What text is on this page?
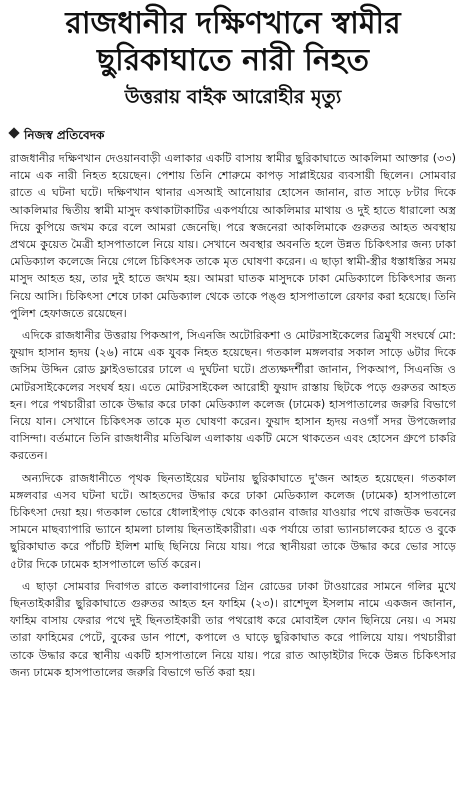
রাজধানীর দক্ষিণখানে স্বামীর
ছুরিকাঘাতে নারী নিহত
উত্তরায় বাইক আরোহীর মৃত্যু
নিজস্ব প্রতিবেদক

রাজধানীর দক্ষিণখান দেওয়ানবাড়ী এলাকার একটি বাসায় স্বামীর ছুরিকাঘাতে আকলিমা আক্তার (৩৩) নামে এক নারী নিহত হয়েছেন। পেশায় তিনি শোরুমে কাপড় সাপ্লাইয়ের ব্যবসায়ী ছিলেন। সোমবার রাতে এ ঘটনা ঘটে। দক্ষিণখান থানার এসআই আনোয়ার হোসেন জানান, রাত সাড়ে ৮টার দিকে আকলিমার দ্বিতীয় স্বামী মাসুদ কথাকাটাকাটির একপর্যায়ে আকলিমার মাথায় ও দুই হাতে ধারালো অস্ত্র দিয়ে কুপিয়ে জখম করে বলে আমরা জেনেছি। পরে স্বজনেরা আকলিমাকে গুরুতর আহত অবস্থায় প্রথমে কুয়েত মৈত্রী হাসপাতালে নিয়ে যায়। সেখানে অবস্থার অবনতি হলে উন্নত চিকিৎসার জন্য ঢাকা মেডিক্যাল কলেজে নিয়ে গেলে চিকিৎসক তাকে মৃত ঘোষণা করেন। এ ছাড়া স্বামী-স্ত্রীর ধস্তাধস্তির সময় মাসুদ আহত হয়, তার দুই হাতে জখম হয়। আমরা ঘাতক মাসুদকে ঢাকা মেডিক্যালে চিকিৎসার জন্য নিয়ে আসি। চিকিৎসা শেষে ঢাকা মেডিক্যাল থেকে তাকে পঙ্গু হাসপাতালে রেফার করা হয়েছে। তিনি পুলিশ হেফাজতে রয়েছেন।

এদিকে রাজধানীর উত্তরায় পিকআপ, সিএনজি অটোরিকশা ও মোটরসাইকেলের ত্রিমুখী সংঘর্ষে মো: ফুয়াদ হাসান হৃদয় (২৬) নামে এক যুবক নিহত হয়েছেন। গতকাল মঙ্গলবার সকাল সাড়ে ৬টার দিকে জসিম উদ্দিন রোড ফ্লাইওভারের ঢালে এ দুর্ঘটনা ঘটে। প্রত্যক্ষদর্শীরা জানান, পিকআপ, সিএনজি ও মোটরসাইকেলের সংঘর্ষ হয়। এতে মোটরসাইকেল আরোহী ফুয়াদ রাস্তায় ছিটকে পড়ে গুরুতর আহত হন। পরে পথচারীরা তাকে উদ্ধার করে ঢাকা মেডিক্যাল কলেজ (ঢামেক) হাসপাতালের জরুরি বিভাগে নিয়ে যান। সেখানে চিকিৎসক তাকে মৃত ঘোষণা করেন। ফুয়াদ হাসান হৃদয় নওগাঁ সদর উপজেলার বাসিন্দা। বর্তমানে তিনি রাজধানীর মতিঝিল এলাকায় একটি মেসে থাকতেন এবং হোসেন গ্রুপে চাকরি করতেন।

অন্যদিকে রাজধানীতে পৃথক ছিনতাইয়ের ঘটনায় ছুরিকাঘাতে দু'জন আহত হয়েছেন। গতকাল মঙ্গলবার এসব ঘটনা ঘটে। আহতদের উদ্ধার করে ঢাকা মেডিক্যাল কলেজ (ঢামেক) হাসপাতালে চিকিৎসা দেয়া হয়। গতকাল ভোরে ধোলাইপাড় থেকে কাওরান বাজার যাওয়ার পথে রাজউক ভবনের সামনে মাছব্যাপারি ভ্যানে হামলা চালায় ছিনতাইকারীরা। এক পর্যায়ে তারা ভ্যানচালকের হাতে ও বুকে ছুরিকাঘাত করে পাঁচটি ইলিশ মাছি ছিনিয়ে নিয়ে যায়। পরে স্থানীয়রা তাকে উদ্ধার করে ভোর সাড়ে ৫টার দিকে ঢামেক হাসপাতালে ভর্তি করেন।

এ ছাড়া সোমবার দিবাগত রাতে কলাবাগানের গ্রিন রোডের ঢাকা টাওয়ারের সামনে গলির মুখে ছিনতাইকারীর ছুরিকাঘাতে গুরুতর আহত হন ফাহিম (২৩)। রাশেদুল ইসলাম নামে একজন জানান, ফাহিম বাসায় ফেরার পথে দুই ছিনতাইকারী তার পথরোধ করে মোবাইল ফোন ছিনিয়ে নেয়। এ সময় তারা ফাহিমের পেটে, বুকের ডান পাশে, কপালে ও ঘাড়ে ছুরিকাঘাত করে পালিয়ে যায়। পথচারীরা তাকে উদ্ধার করে স্থানীয় একটি হাসপাতালে নিয়ে যায়। পরে রাত আড়াইটার দিকে উন্নত চিকিৎসার জন্য ঢামেক হাসপাতালের জরুরি বিভাগে ভর্তি করা হয়।
